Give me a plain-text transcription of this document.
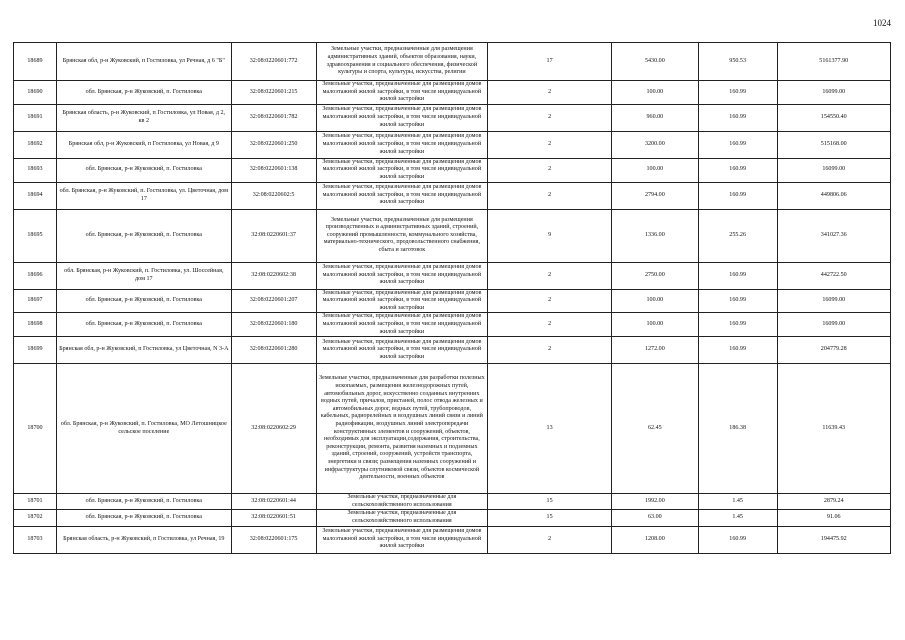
1024
18689	Брянская обл, р-н Жуковский, п Гостиловка, ул Речная, д 6 "Б"	32:08:0220601:772	Земельные участки, предназначенные для размещения административных зданий, объектов образования, науки, здравоохранения и социального обеспечения, физической культуры и спорта, культуры, искусства, религии	17	5430.00	950.53	5161377.90
18690	обл. Брянская, р-н Жуковский, п. Гостиловка	32:08:0220601:215	Земельные участки, предназначенные для размещения домов малоэтажной жилой застройки, в том числе индивидуальной жилой застройки	2	100.00	160.99	16099.00
18691	Брянская область, р-н Жуковский, п Гостиловка, ул Новая, д 2, кв 2	32:08:0220601:782	Земельные участки, предназначенные для размещения домов малоэтажной жилой застройки, в том числе индивидуальной жилой застройки	2	960.00	160.99	154550.40
18692	Брянская обл, р-н Жуковский, п Гостиловка, ул Новая, д 9	32:08:0220601:250	Земельные участки, предназначенные для размещения домов малоэтажной жилой застройки, в том числе индивидуальной жилой застройки	2	3200.00	160.99	515168.00
18693	обл. Брянская, р-н Жуковский, п. Гостиловка	32:08:0220601:138	Земельные участки, предназначенные для размещения домов малоэтажной жилой застройки, в том числе индивидуальной жилой застройки	2	100.00	160.99	16099.00
18694	обл. Брянская, р-н Жуковский, п. Гостиловка, ул. Цветочная, дом 17	32:08:0220602:5	Земельные участки, предназначенные для размещения домов малоэтажной жилой застройки, в том числе индивидуальной жилой застройки	2	2794.00	160.99	449806.06
18695	обл. Брянская, р-н Жуковский, п. Гостиловка	32:08:0220601:37	Земельные участки, предназначенные для размещения производственных и административных зданий, строений, сооружений промышленности, коммунального хозяйства, материально-технического, продовольственного снабжения, сбыта и заготовок	9	1336.00	255.26	341027.36
18696	обл. Брянская, р-н Жуковский, п. Гостиловка, ул. Шоссейная, дом 17	32:08:0220602:38	Земельные участки, предназначенные для размещения домов малоэтажной жилой застройки, в том числе индивидуальной жилой застройки	2	2750.00	160.99	442722.50
18697	обл. Брянская, р-н Жуковский, п. Гостиловка	32:08:0220601:207	Земельные участки, предназначенные для размещения домов малоэтажной жилой застройки, в том числе индивидуальной жилой застройки	2	100.00	160.99	16099.00
18698	обл. Брянская, р-н Жуковский, п. Гостиловка	32:08:0220601:180	Земельные участки, предназначенные для размещения домов малоэтажной жилой застройки, в том числе индивидуальной жилой застройки	2	100.00	160.99	16099.00
18699	Брянская обл, р-н Жуковский, п Гостиловка, ул Цветочная, N 3-А	32:08:0220601:280	Земельные участки, предназначенные для размещения домов малоэтажной жилой застройки, в том числе индивидуальной жилой застройки	2	1272.00	160.99	204779.28
18700	обл. Брянская, р-н Жуковский, п. Гостиловка, МО Летошницкое сельское поселение	32:08:0220602:29	Земельные участки, предназначенные для разработки полезных ископаемых, размещения железнодорожных путей, автомобильных дорог, искусственно созданных внутренних водных путей, причалов, пристаней, полос отвода железных и автомобильных дорог, водных путей, трубопроводов, кабельных, радиорелейных и воздушных линий связи и линий радиофикации, воздушных линий электропередачи конструктивных элементов и сооружений, объектов, необходимых для эксплуатации,содержания, строительства, реконструкции, ремонта, развития наземных и подземных зданий, строений, сооружений, устройств транспорта, энергетики и связи; размещения наземных сооружений и инфраструктуры спутниковой связи, объектов космической деятельности, военных объектов	13	62.45	186.38	11639.43
18701	обл. Брянская, р-н Жуковский, п. Гостиловка	32:08:0220601:44	Земельные участки, предназначенные для сельскохозяйственного использования	15	1992.00	1.45	2879.24
18702	обл. Брянская, р-н Жуковский, п. Гостиловка	32:08:0220601:51	Земельные участки, предназначенные для сельскохозяйственного использования	15	63.00	1.45	91.06
18703	Брянская область, р-н Жуковский, п Гостиловка, ул Речная, 19	32:08:0220601:175	Земельные участки, предназначенные для размещения домов малоэтажной жилой застройки, в том числе индивидуальной жилой застройки	2	1208.00	160.99	194475.92
